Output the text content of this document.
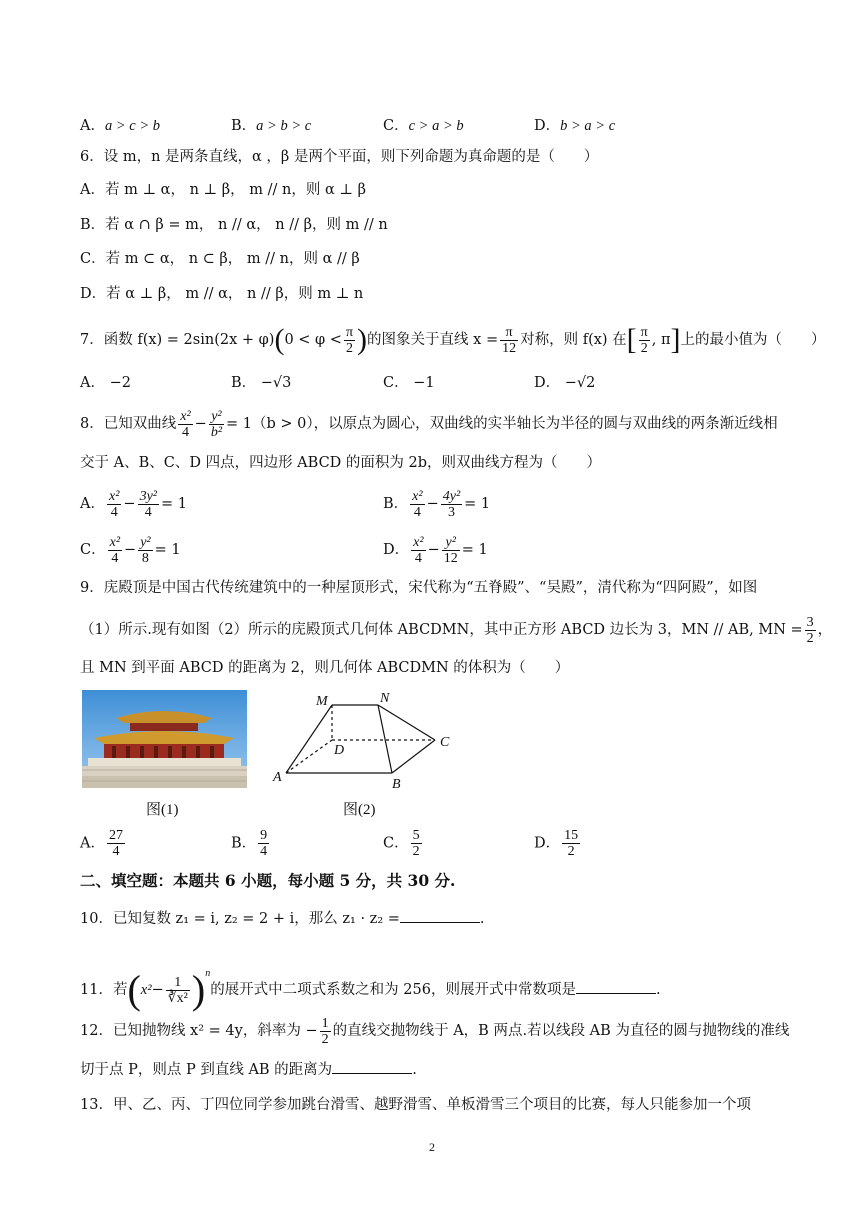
A．a > c > b	B．a > b > c	C．c > a > b	D．b > a > c
6．设 m，n 是两条直线，α ，β 是两个平面，则下列命题为真命题的是（　　）
A．若 m ⊥ α， n ⊥ β， m // n，则 α ⊥ β
B．若 α ∩ β = m， n // α， n // β，则 m // n
C．若 m ⊂ α， n ⊂ β， m // n，则 α // β
D．若 α ⊥ β， m // α， n // β，则 m ⊥ n
7．函数 $f(x) = 2\sin(2x + \varphi)(0 < \varphi < \frac{\pi}{2}$ )的图象关于直线 $x = \frac{\pi}{12}$ 对称，则 f(x) 在[ $\frac{\pi}{2}$ , π]上的最小值为（　　）
A． −2	B． −√3	C． −1	D． −√2
8．已知双曲线 $\frac{\text{x²}}{4} - \frac{\text{y²}}{\text{b²}} = 1(b > 0)$，以原点为圆心，双曲线的实半轴长为半径的圆与双曲线的两条渐近线相
交于 A、B、C、D 四点，四边形 ABCD 的面积为 2b，则双曲线方程为（　　）
A． $\frac{\text{x²}}{4} - \frac{\text{3y²}}{4} = 1$	B． $\frac{\text{x²}}{4} - \frac{\text{4y²}}{3} = 1$
C． $\frac{\text{x²}}{4} - \frac{\text{y²}}{8} = 1$	D． $\frac{\text{x²}}{4} - \frac{\text{y²}}{12} = 1$
9．庑殿顶是中国古代传统建筑中的一种屋顶形式，宋代称为“五脊殿”、“吴殿”，清代称为“四阿殿”，如图
（1）所示.现有如图（2）所示的庑殿顶式几何体 ABCDMN，其中正方形 ABCD 边长为 3，MN // AB, MN = $\frac{3}{2}$ ，
且 MN 到平面 ABCD 的距离为 2，则几何体 ABCDMN 的体积为（　　）
图(1)
M	N
D
C
A	B
图(2)
A． $\frac{27}{4}$	B． $\frac{9}{4}$	C． $\frac{5}{2}$	D． $\frac{15}{2}$
二、填空题：本题共 6 小题，每小题 5 分，共 30 分.
10．已知复数 z₁ = i, z₂ = 2 + i，那么 z₁ · z₂ =	.
11．若$(x^2- \frac{1}{\text{∛x²}} )^n$的展开式中二项式系数之和为 256，则展开式中常数项是	.
12．已知抛物线 x² = 4y，斜率为 − $\frac{1}{2}$ 的直线交抛物线于 A，B 两点.若以线段 AB 为直径的圆与抛物线的准线
切于点 P，则点 P 到直线 AB 的距离为	.
13．甲、乙、丙、丁四位同学参加跳台滑雪、越野滑雪、单板滑雪三个项目的比赛，每人只能参加一个项
2
